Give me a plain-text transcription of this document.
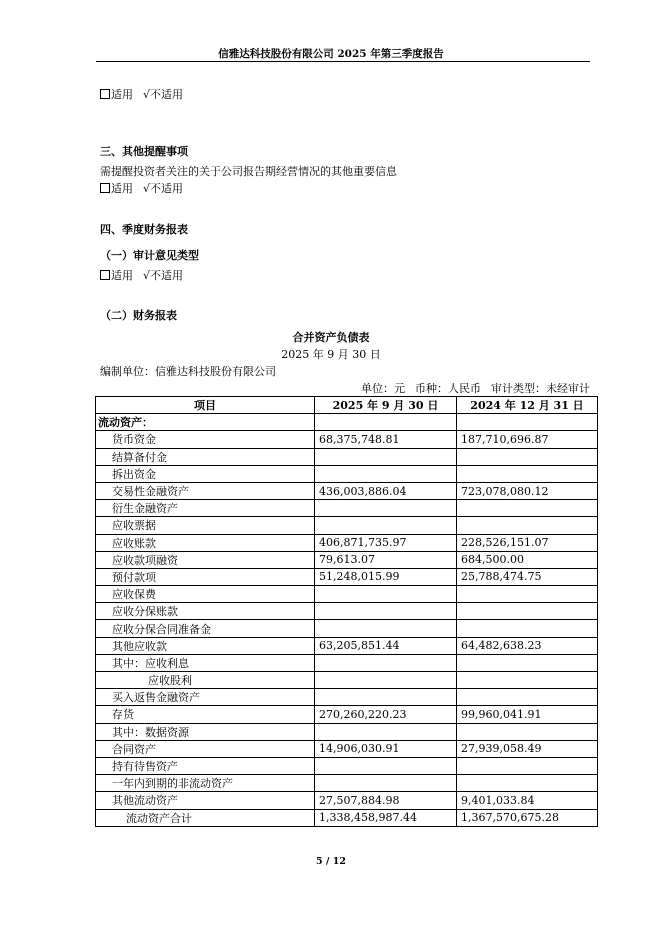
信雅达科技股份有限公司 2025 年第三季度报告
适用 √不适用
三、其他提醒事项
需提醒投资者关注的关于公司报告期经营情况的其他重要信息
适用 √不适用
四、季度财务报表
（一）审计意见类型
适用 √不适用
（二）财务报表
合并资产负债表
2025 年 9 月 30 日
编制单位：信雅达科技股份有限公司
单位：元 币种：人民币 审计类型：未经审计
项目	2025 年 9 月 30 日	2024 年 12 月 31 日
流动资产：		
货币资金	68,375,748.81	187,710,696.87
结算备付金		
拆出资金		
交易性金融资产	436,003,886.04	723,078,080.12
衍生金融资产		
应收票据		
应收账款	406,871,735.97	228,526,151.07
应收款项融资	79,613.07	684,500.00
预付款项	51,248,015.99	25,788,474.75
应收保费		
应收分保账款		
应收分保合同准备金		
其他应收款	63,205,851.44	64,482,638.23
其中：应收利息		
应收股利		
买入返售金融资产		
存货	270,260,220.23	99,960,041.91
其中：数据资源		
合同资产	14,906,030.91	27,939,058.49
持有待售资产		
一年内到期的非流动资产		
其他流动资产	27,507,884.98	9,401,033.84
流动资产合计	1,338,458,987.44	1,367,570,675.28
5 / 12
